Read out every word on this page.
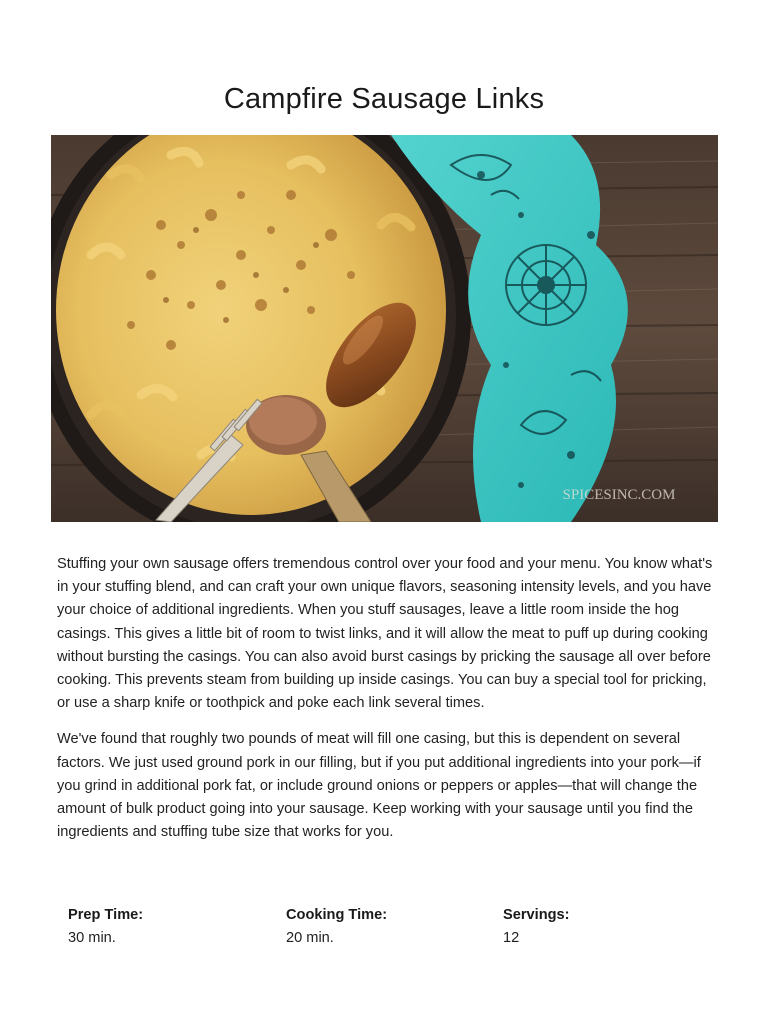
Campfire Sausage Links
SPICESINC.COM

Stuffing your own sausage offers tremendous control over your food and your menu. You know what's in your stuffing blend, and can craft your own unique flavors, seasoning intensity levels, and you have your choice of additional ingredients. When you stuff sausages, leave a little room inside the hog casings. This gives a little bit of room to twist links, and it will allow the meat to puff up during cooking without bursting the casings. You can also avoid burst casings by pricking the sausage all over before cooking. This prevents steam from building up inside casings. You can buy a special tool for pricking, or use a sharp knife or toothpick and poke each link several times.

We've found that roughly two pounds of meat will fill one casing, but this is dependent on several factors. We just used ground pork in our filling, but if you put additional ingredients into your pork—if you grind in additional pork fat, or include ground onions or peppers or apples—that will change the amount of bulk product going into your sausage. Keep working with your sausage until you find the ingredients and stuffing tube size that works for you.

Prep Time:
30 min.
Cooking Time:
20 min.
Servings:
12
